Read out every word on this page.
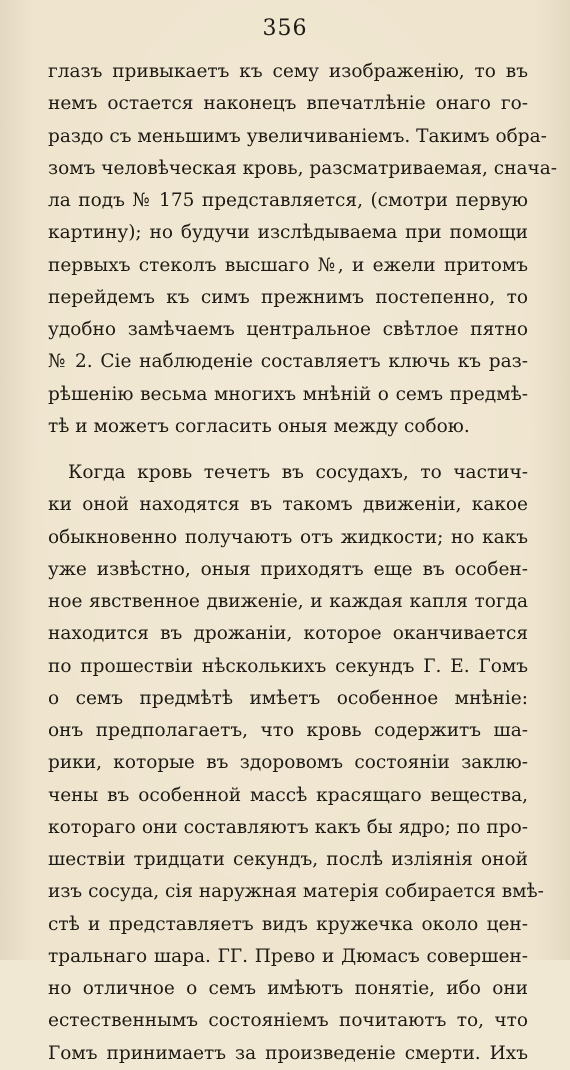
356
глазъ привыкаетъ къ сему изображенію, то въ
немъ остается наконецъ впечатлѣніе онаго го-
раздо съ меньшимъ увеличиваніемъ. Такимъ обра-
зомъ человѣческая кровь, разсматриваемая, снача-
ла подъ № 175 представляется, (смотри первую
картину); но будучи изслѣдываема при помощи
первыхъ стеколъ высшаго №, и ежели притомъ
перейдемъ къ симъ прежнимъ постепенно, то
удобно замѣчаемъ центральное свѣтлое пятно
№ 2. Сіе наблюденіе составляетъ ключь къ раз-
рѣшенію весьма многихъ мнѣній о семъ предмѣ-
тѣ и можетъ согласить оныя между собою.
Когда кровь течетъ въ сосудахъ, то частич-
ки оной находятся въ такомъ движеніи, какое
обыкновенно получаютъ отъ жидкости; но какъ
уже извѣстно, оныя приходятъ еще въ особен-
ное явственное движеніе, и каждая капля тогда
находится въ дрожаніи, которое оканчивается
по прошествіи нѣсколькихъ секундъ Г. Е. Гомъ
о семъ предмѣтѣ имѣетъ особенное мнѣніе:
онъ предполагаетъ, что кровь содержитъ ша-
рики, которые въ здоровомъ состояніи заклю-
чены въ особенной массѣ красящаго вещества,
котораго они составляютъ какъ бы ядро; по про-
шествіи тридцати секундъ, послѣ изліянія оной
изъ сосуда, сія наружная матерія собирается вмѣ-
стѣ и представляетъ видъ кружечка около цен-
тральнаго шара. ГГ. Прево и Дюмасъ совершен-
но отличное о семъ имѣютъ понятіе, ибо они
естественнымъ состояніемъ почитаютъ то, что
Гомъ принимаетъ за произведеніе смерти. Ихъ
